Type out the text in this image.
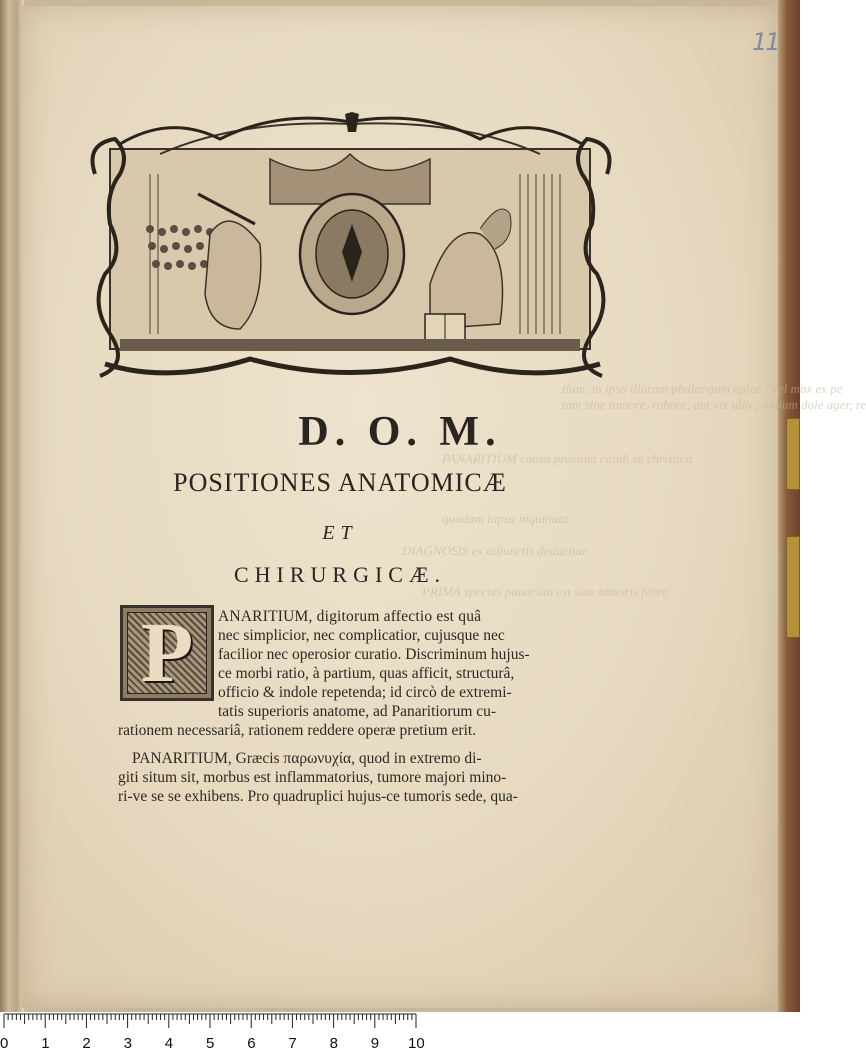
11
tium, in ipso illarum phalangum apice ; vel mox ex pe
tam sine tumore, rubore, aut vix ullo ; malum dole ager, re
PANARITIUM causa proxima calidi se christica
quodam lapsu inquinata.
DIAGNOSIS ex adjunctis deducitur.
PRIMA species panaritio est sine tumoris febre
D. O. M.
POSITIONES ANATOMICÆ
ET
CHIRURGICÆ.
P	ANARITIUM, digitorum affectio est quâ
nec simplicior, nec complicatior, cujusque nec
facilior nec operosior curatio. Discriminum hujus-
ce morbi ratio, à partium, quas afficit, structurâ,
officio & indole repetenda; id circò de extremi-
tatis superioris anatome, ad Panaritiorum cu-
rationem necessariâ, rationem reddere operæ pretium erit.
PANARITIUM, Græcis παρωνυχία, quod in extremo di-
giti situm sit, morbus est inflammatorius, tumore majori mino-
ri-ve se se exhibens. Pro quadruplici hujus-ce tumoris sede, qua-
0 1 2 3 4 5 6 7 8 9 10
